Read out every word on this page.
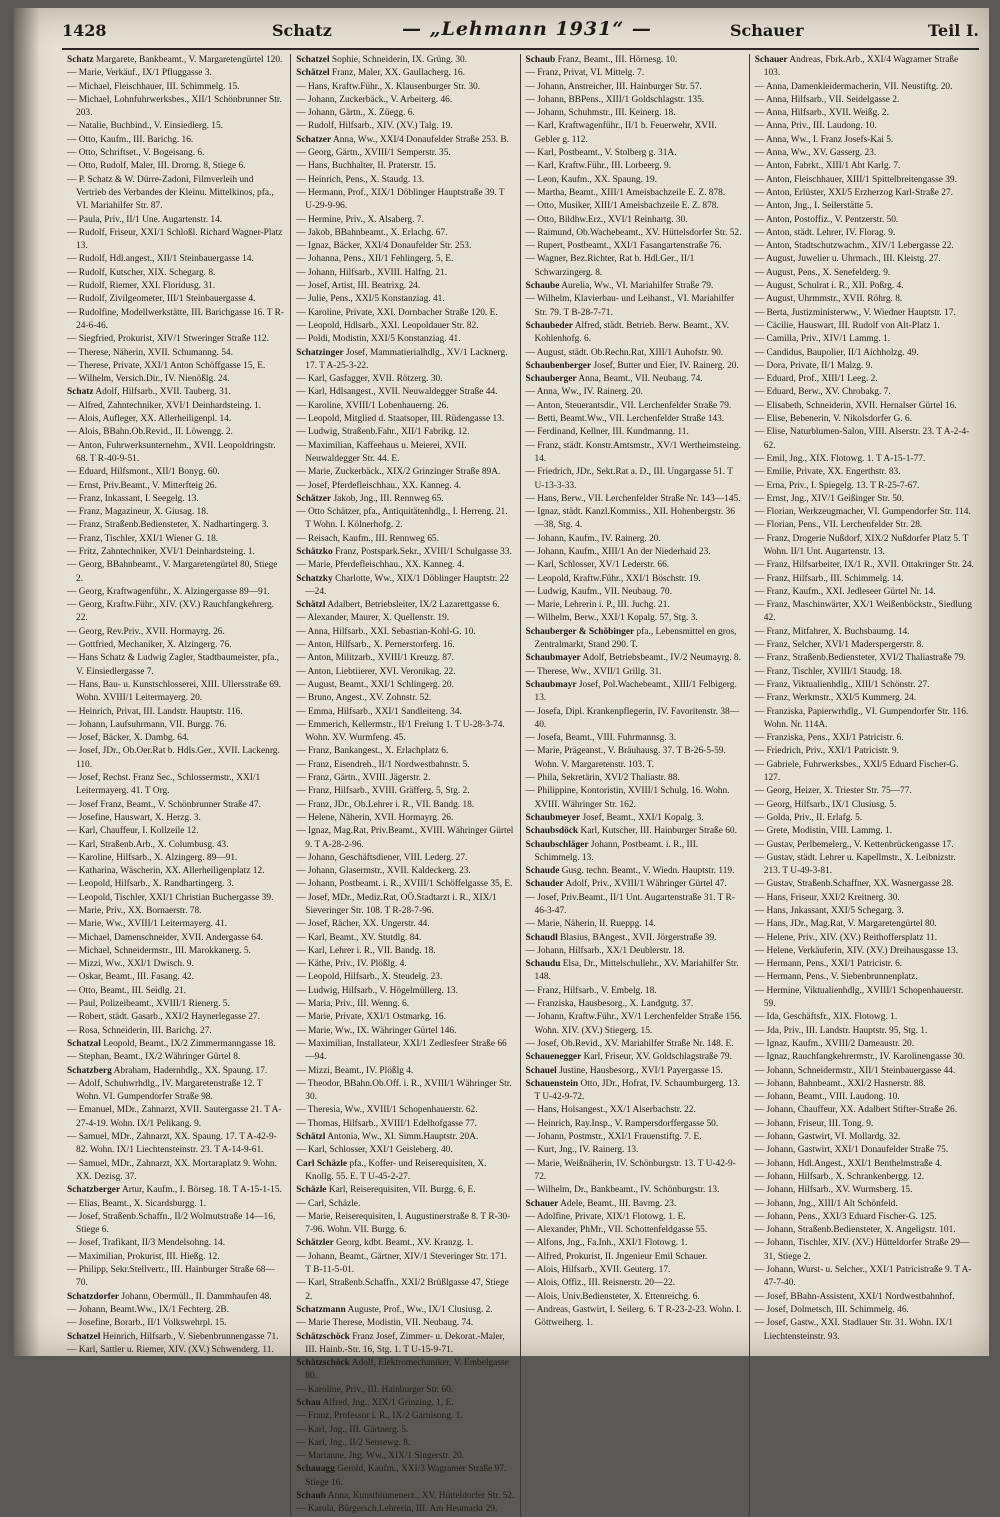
1428	Schatz	— „Lehmann 1931“ —	Schauer	Teil I.

Schatz Margarete, Bankbeamt., V. Margaretengürtel 120.

— Marie, Verkäuf., IX/1 Pfluggasse 3.

— Michael, Fleischhauer, III. Schimmelg. 15.

— Michael, Lohnfuhrwerksbes., XII/1 Schönbrunner Str. 203.

— Natalie, Buchbind., V. Einsiedlerg. 15.

— Otto, Kaufm., III. Barichg. 16.

— Otto, Schriftset., V. Bogeisang. 6.

— Otto, Rudolf, Maler, III. Drorng. 8, Stiege 6.

— P. Schatz & W. Dürre-Zadoni, Filmverleih und Vertrieb des Verbandes der Kleinu. Mittelkinos, pfa., VI. Mariahilfer Str. 87.

— Paula, Priv., II/1 Une. Augartenstr. 14.

— Rudolf, Friseur, XXI/1 Schloßl. Richard Wagner-Platz 13.

— Rudolf, Hdl.angest., XII/1 Steinbauergasse 14.

— Rudolf, Kutscher, XIX. Schegarg. 8.

— Rudolf, Riemer, XXI. Floridusg. 31.

— Rudolf, Zivilgeometer, III/1 Steinbauergasse 4.

— Rudolfine, Modellwerkstätte, III. Barichgasse 16. T R-24-6-46.

— Siegfried, Prokurist, XIV/1 Stweringer Straße 112.

— Therese, Näherin, XVII. Schumanng. 54.

— Therese, Private, XXI/1 Anton Schöffgasse 15, E.

— Wilhelm, Versich.Dir., IV. Nienößlg. 24.

Schatz Adolf, Hilfsarb., XVII. Tauberg. 31.

— Alfred, Zahntechniker, XVI/1 Deinhardsteing. 1.

— Alois, Aufleger, XX. Allerheiligenpl. 14.

— Alois, BBahn.Ob.Revid., II. Löwengg. 2.

— Anton, Fuhrwerksunternehm., XVII. Leopoldringstr. 68. T R-40-9-51.

— Eduard, Hilfsmont., XII/1 Bonyg. 60.

— Ernst, Priv.Beamt., V. Mitterfteig 26.

— Franz, Inkassant, I. Seegelg. 13.

— Franz, Magazineur, X. Giusag. 18.

— Franz, Straßenb.Bediensteter, X. Nadhartingerg. 3.

— Franz, Tischler, XXI/1 Wiener G. 18.

— Fritz, Zahntechniker, XVI/1 Deinhardsteing. 1.

— Georg, BBahnbeamt., V. Margaretengürtel 80, Stiege 2.

— Georg, Kraftwagenführ., X. Alzingergasse 89—91.

— Georg, Kraftw.Führ., XIV. (XV.) Rauchfangkehrerg. 22.

— Georg, Rev.Priv., XVII. Hormayrg. 26.

— Gottfried, Mechaniker, X. Alzingerg. 76.

— Hans Schatz & Ludwig Zagler, Stadtbaumeister, pfa., V. Einsiedlergasse 7.

— Hans, Bau- u. Kunstschlosserei, XIII. Ullersstraße 69. Wohn. XVIII/1 Leitermayerg. 20.

— Heinrich, Privat, III. Landstr. Hauptstr. 116.

— Johann, Laufsuhrmann, VII. Burgg. 76.

— Josef, Bäcker, X. Dambg. 64.

— Josef, JDr., Ob.Oer.Rat b. Hdls.Ger., XVII. Lackenrg. 110.

— Josef, Rechst. Franz Sec., Schlossermstr., XXI/1 Leitermayerg. 41. T Org.

— Josef Franz, Beamt., V. Schönbrunner Straße 47.

— Josefine, Hauswart, X. Herzg. 3.

— Karl, Chauffeur, I. Kollzeile 12.

— Karl, Straßenb.Arb., X. Columbusg. 43.

— Karoline, Hilfsarb., X. Alzingerg. 89—91.

— Katharina, Wäscherin, XX. Allerheiligenplatz 12.

— Leopold, Hilfsarb., X. Randhartingerg. 3.

— Leopold, Tischler, XXI/1 Christian Buchergasse 39.

— Marie, Priv., XX. Bornaerstr. 78.

— Marie, Ww., XVIII/1 Leitermayerg. 41.

— Michael, Damenschneider, XVII. Andergasse 64.

— Michael, Schneidermstr., III. Marokkanerg. 5.

— Mizzi, Ww., XXI/1 Dwisch. 9.

— Oskar, Beamt., III. Fasang. 42.

— Otto, Beamt., III. Seidlg. 21.

— Paul, Polizeibeamt., XVIII/1 Rienerg. 5.

— Robert, städt. Gasarb., XXI/2 Haynerlegasse 27.

— Rosa, Schneiderin, III. Barichg. 27.

Schatzal Leopold, Beamt., IX/2 Zimmermanngasse 18.

— Stephan, Beamt., IX/2 Währinger Gürtel 8.

Schatzberg Abraham, Hadernhdlg., XX. Spaung. 17.

— Adolf, Schuhwrhdlg., IV. Margaretenstraße 12. T Wohn. VI. Gumpendorfer Straße 98.

— Emanuel, MDr., Zahnarzt, XVII. Sautergasse 21. T A-27-4-19. Wohn. IX/1 Pelikang. 9.

— Samuel, MDr., Zahnarzt, XX. Spaung. 17. T A-42-9-82. Wohn. IX/1 Liechtensteinstr. 23. T A-14-9-61.

— Samuel, MDr., Zahnarzt, XX. Mortaraplatz 9. Wohn. XX. Dezisg. 37.

Schatzberger Artur, Kaufm., I. Börseg. 18. T A-15-1-15.

— Elias, Beamt., X. Sicardsburgg. 1.

— Josef, Straßenb.Schaffn., II/2 Wolmutstraße 14—16, Stiege 6.

— Josef, Trafikant, II/3 Mendelsohng. 14.

— Maximilian, Prokurist, III. Hießg. 12.

— Philipp, Sekr.Stellvertr., III. Hainburger Straße 68—70.

Schatzdorfer Johann, Obermüll., II. Dammhaufen 48.

— Johann, Beamt.Ww., IX/1 Fechterg. 2B.

— Josefine, Borarb., II/1 Volkswehrpl. 15.

Schatzel Heinrich, Hilfsarb., V. Siebenbrunnengasse 71.

— Karl, Sattler u. Riemer, XIV. (XV.) Schwenderg. 11.

Schatzel Sophie, Schneiderin, IX. Grüng. 30.

Schätzel Franz, Maler, XX. Gaullacherg. 16.

— Hans, Kraftw.Führ., X. Klausenburger Str. 30.

— Johann, Zuckerbäck., V. Arbeiterg. 46.

— Johann, Gärtn., X. Züegg. 6.

— Rudolf, Hilfsarb., XIV. (XV.) Talg. 19.

Schatzer Anna, Ww., XXI/4 Donaufelder Straße 253. B.

— Georg, Gärtn., XVIII/1 Semperstr. 35.

— Hans, Buchhalter, II. Praterstr. 15.

— Heinrich, Pens., X. Staudg. 13.

— Hermann, Prof., XIX/1 Döblinger Hauptstraße 39. T U-29-9-96.

— Hermine, Priv., X. Alsaberg. 7.

— Jakob, BBahnbeamt., X. Erlachg. 67.

— Ignaz, Bäcker, XXI/4 Donaufelder Str. 253.

— Johanna, Pens., XII/1 Fehlingerg. 5, E.

— Johann, Hilfsarb., XVIII. Halfng. 21.

— Josef, Artist, III. Beatrixg. 24.

— Julie, Pens., XXI/5 Konstanziag. 41.

— Karoline, Private, XXI. Dornbacher Straße 120. E.

— Leopold, Hdlsarb., XXI. Leopoldauer Str. 82.

— Poldi, Modistin, XXI/5 Konstanziag. 41.

Schatzinger Josef, Mammatierialhdlg., XV/1 Lacknerg. 17. T A-25-3-22.

— Karl, Gasfagger, XVII. Rötzerg. 30.

— Karl, Hdlsangest., XVII. Neuwaldegger Straße 44.

— Karoline, XVIII/1 Lobenhauerng. 26.

— Leopold, Mitglied d. Staatsoper, III. Rüdengasse 13.

— Ludwig, Straßenb.Fahr., XII/1 Fabrikg. 12.

— Maximilian, Kaffeehaus u. Meierei, XVII. Neuwaldegger Str. 44. E.

— Marie, Zuckerbäck., XIX/2 Grinzinger Straße 89A.

— Josef, Pferdefleischhau., XX. Kanneg. 4.

Schätzer Jakob, Jng., III. Rennweg 65.

— Otto Schätzer, pfa., Antiquitätenhdlg., I. Herreng. 21. T Wohn. I. Kölnerhofg. 2.

— Reisach, Kaufm., III. Rennweg 65.

Schätzko Franz, Postspark.Sekr., XVIII/1 Schulgasse 33.

— Marie, Pferdefleischhau., XX. Kanneg. 4.

Schatzky Charlotte, Ww., XIX/1 Döblinger Hauptstr. 22—24.

Schätzl Adalbert, Betriebsleiter, IX/2 Lazarettgasse 6.

— Alexander, Maurer, X. Quellenstr. 19.

— Anna, Hilfsarb., XXI. Sebastian-Kohl-G. 10.

— Anton, Hilfsarb., X. Pernerstorferg. 16.

— Anton, Militzarb., XVIII/1 Kreuzg. 87.

— Anton, Liebtiierer, XVI. Veronikag. 22.

— August, Beamt., XXI/1 Schlingerg. 20.

— Bruno, Angest., XV. Zohnstr. 52.

— Emma, Hilfsarb., XXI/1 Sandleiteng. 34.

— Emmerich, Kellermstr., II/1 Freiung 1. T U-28-3-74. Wohn. XV. Wurmfeng. 45.

— Franz, Bankangest., X. Erlachplatz 6.

— Franz, Eisendreh., II/1 Nordwestbahnstr. 5.

— Franz, Gärtn., XVIII. Jägerstr. 2.

— Franz, Hilfsarb., XVIII. Gräfferg. 5, Stg. 2.

— Franz, JDr., Ob.Lehrer i. R., VII. Bandg. 18.

— Helene, Näherin, XVII. Hormayrg. 26.

— Ignaz, Mag.Rat, Priv.Beamt., XVIII. Währinger Gürtel 9. T A-28-2-96.

— Johann, Geschäftsdiener, VIII. Lederg. 27.

— Johann, Glasermstr., XVII. Kaldeckerg. 23.

— Johann, Postbeamt. i. R., XVIII/1 Schöffelgasse 35, E.

— Josef, MDr., Mediz.Rat, OÖ.Stadtarzt i. R., XIX/1 Sieveringer Str. 108. T R-28-7-96.

— Josef, Rächer, XX. Ungerstr. 44.

— Karl, Beamt., XV. Stutdlg. 84.

— Karl, Lehrer i. R., VII. Bandg. 18.

— Käthe, Priv., IV. Plößlg. 4.

— Leopold, Hilfsarb., X. Steudelg. 23.

— Ludwig, Hilfsarb., V. Högelmüllerg. 13.

— Maria, Priv., III. Wenng. 6.

— Marie, Private, XXI/1 Ostmarkg. 16.

— Marie, Ww., IX. Währinger Gürtel 146.

— Maximilian, Installateur, XXI/1 Zedlesfeer Straße 66—94.

— Mizzi, Beamt., IV. Plößlg 4.

— Theodor, BBahn.Ob.Off. i. R., XVIII/1 Währinger Str. 30.

— Theresia, Ww., XVIII/1 Schopenhauerstr. 62.

— Thomas, Hilfsarb., XVIII/1 Edelhofgasse 77.

Schätzl Antonia, Ww., XI. Simm.Hauptstr. 20A.

— Karl, Schlosser, XXI/1 Geisleberg. 40.

Carl Schäzle pfa., Koffer- und Reiserequisiten, X. Knollg. 55. E. T U-45-2-27.

Schäzle Karl, Reiserequisiten, VII. Burgg. 6, E.

— Carl, Schäzle.

— Marie, Reiserequisiten, I. Augustinerstraße 8. T R-30-7-96. Wohn. VII. Burgg. 6.

Schätzler Georg, kdbt. Beamt., XV. Kranzg. 1.

— Johann, Beamt., Gärtner, XIV/1 Steveringer Str. 171. T B-11-5-01.

— Karl, Straßenb.Schaffn., XXI/2 Brüßlgasse 47, Stiege 2.

Schatzmann Auguste, Prof., Ww., IX/1 Clusiusg. 2.

— Marie Therese, Modistin, VII. Neubaug. 74.

Schätzschöck Franz Josef, Zimmer- u. Dekorat.-Maler, III. Hainb.-Str. 16, Stg. 1. T U-15-9-71.

Schätzschöck Adolf, Elektromechaniker, V. Embelgasse 80.

— Karoline, Priv., III. Hainburger Str. 60.

Schau Alfred, Jng., XIX/1 Grinzing. 1, E.

— Franz, Professor i. R., IX/2 Garnisong. 1.

— Karl, Jng., III. Gärtnerg. 5.

— Karl, Jng., II/2 Sensewg. 8.

— Marianne, Jng. Ww., XIX/1 Singerstr. 20.

Schauagg Gerold, Kaufm., XXI/3 Wagramer Straße 97. Stiege 16.

Schaub Anna, Kunstblumenerz., XV. Hütteldorfer Str. 52.

— Karola, Bürgersch.Lehrerin, III. Am Heumarkt 29.

Schaub Franz, Beamt., III. Hörnesg. 10.

— Franz, Privat, VI. Mittelg. 7.

— Johann, Anstreicher, III. Hainburger Str. 57.

— Johann, BBPens., XIII/1 Goldschlagstr. 135.

— Johann, Schuhmstr., III. Keinerg. 18.

— Karl, Kraftwagenführ., II/1 b. Feuerwehr, XVII. Gebler g. 112.

— Karl, Postbeamt., V. Stolberg g. 31A.

— Karl, Kraftw.Führ., III. Lorbeerg. 9.

— Leon, Kaufm., XX. Spaung. 19.

— Martha, Beamt., XIII/1 Ameisbachzeile E. Z. 878.

— Otto, Musiker, XIII/1 Ameisbachzeile E. Z. 878.

— Otto, Bildhw.Erz., XVI/1 Reinhartg. 30.

— Raimund, Ob.Wachebeamt., XV. Hüttelsdorfer Str. 52.

— Rupert, Postbeamt., XXI/1 Fasangartenstraße 76.

— Wagner, Bez.Richter, Rat b. Hdl.Ger., II/1 Schwarzingerg. 8.

Schaube Aurelia, Ww., VI. Mariahilfer Straße 79.

— Wilhelm, Klavierbau- und Leihanst., VI. Mariahilfer Str. 79. T B-28-7-71.

Schaubeder Alfred, städt. Betrieb. Berw. Beamt., XV. Kohlenhofg. 6.

— August, städt. Ob.Rechn.Rat, XIII/1 Auhofstr. 90.

Schaubenberger Josef, Butter und Eier, IV. Rainerg. 20.

Schauberger Anna, Beamt., VII. Neubaug. 74.

— Anna, Ww., IV. Rainerg. 20.

— Anton, Steuerantsdir., VII. Lerchenfelder Straße 79.

— Betti, Beamt.Ww., VII. Lerchenfelder Straße 143.

— Ferdinand, Kellner, III. Kundmanng. 11.

— Franz, städt. Konstr.Amtsmstr., XV/1 Wertheimsteing. 14.

— Friedrich, JDr., Sekt.Rat a. D., III. Ungargasse 51. T U-13-3-33.

— Hans, Berw., VII. Lerchenfelder Straße Nr. 143—145.

— Ignaz, städt. Kanzl.Kommiss., XII. Hohenbergstr. 36—38, Stg. 4.

— Johann, Kaufm., IV. Rainerg. 20.

— Johann, Kaufm., XIII/1 An der Niederhaid 23.

— Karl, Schlosser, XV/1 Lederstr. 66.

— Leopold, Kraftw.Führ., XXI/1 Böschstr. 19.

— Ludwig, Kaufm., VII. Neubaug. 70.

— Marie, Lehrerin i. P., III. Juchg. 21.

— Wilhelm, Berw., XXI/1 Kopalg. 57, Stg. 3.

Schauberger & Schöbinger pfa., Lebensmittel en gros, Zentralmarkt, Stand 290. T.

Schaubmayer Adolf, Betriebsbeamt., IV/2 Neumayrg. 8.

— Therese, Ww., XVII/1 Grillg. 31.

Schaubmayr Josef, Pol.Wachebeamt., XIII/1 Felbigerg. 13.

— Josefa, Dipl. Krankenpflegerin, IV. Favoritenstr. 38—40.

— Josefa, Beamt., VIII. Fuhrmannsg. 3.

— Marie, Prägeanst., V. Bräuhausg. 37. T B-26-5-59. Wohn. V. Margaretenstr. 103. T.

— Phila, Sekretärin, XVI/2 Thaliastr. 88.

— Philippine, Kontoristin, XVIII/1 Schulg. 16. Wohn. XVIII. Währinger Str. 162.

Schaubmeyer Josef, Beamt., XXI/1 Kopalg. 3.

Schaubsdöck Karl, Kutscher, III. Hainburger Straße 60.

Schaubschläger Johann, Postbeamt. i. R., III. Schimmelg. 13.

Schaude Gusg. techn. Beamt., V. Wiedn. Hauptstr. 119.

Schauder Adolf, Priv., XVIII/1 Währinger Gürtel 47.

— Josef, Priv.Beamt., II/1 Unt. Augartenstraße 31. T R-46-3-47.

— Marie, Näherin, II. Rueppg. 14.

Schaudl Blasius, BAngest., XVII. Jörgerstraße 39.

— Johann, Hilfsarb., XX/1 Deublerstr. 18.

Schaudu Elsa, Dr., Mittelschullehr., XV. Mariahilfer Str. 148.

— Franz, Hilfsarb., V. Embelg. 18.

— Franziska, Hausbesorg., X. Landgutg. 37.

— Johann, Kraftw.Führ., XV/1 Lerchenfelder Straße 156. Wohn. XIV. (XV.) Stiegerg. 15.

— Josef, Ob.Revid., XV. Mariahilfer Straße Nr. 148. E.

Schauenegger Karl, Friseur, XV. Goldschlagstraße 79.

Schauel Justine, Hausbesorg., XVI/1 Payergasse 15.

Schauenstein Otto, JDr., Hofrat, IV. Schaumburgerg. 13. T U-42-9-72.

— Hans, Holsangest., XX/1 Alserbachstr. 22.

— Heinrich, Ray.Insp., V. Rampersdorffergasse 50.

— Johann, Postmstr., XXI/1 Frauenstiftg. 7. E.

— Kurt, Jng., IV. Rainerg. 13.

— Marie, Weißnäherin, IV. Schönburgstr. 13. T U-42-9-72.

— Wilhelm, Dr., Bankbeamt., IV. Schönburgstr. 13.

Schauer Adele, Beamt., III. Bavmg. 23.

— Adolfine, Private, XIX/1 Flotowg. 1. E.

— Alexander, PhMr., VII. Schottenfeldgasse 55.

— Alfons, Jng., Fa.Inh., XXI/1 Flotowg. 1.

— Alfred, Prokurist, II. Jngenieur Emil Schauer.

— Alois, Hilfsarb., XVII. Geuterg. 17.

— Alois, Offiz., III. Reisnerstr. 20—22.

— Alois, Univ.Bediensteter, X. Ettenreichg. 6.

— Andreas, Gastwirt, I. Seilerg. 6. T R-23-2-23. Wohn. I. Göttweiherg. 1.

Schauer Andreas, Fbrk.Arb., XXI/4 Wagramer Straße 103.

— Anna, Damenkleidermacherin, VII. Neustiftg. 20.

— Anna, Hilfsarb., VII. Seidelgasse 2.

— Anna, Hilfsarb., XVII. Weißg. 2.

— Anna, Priv., III. Laudong. 10.

— Anna, Ww., I. Franz Josefs-Kai 5.

— Anna, Ww., XV. Gasserg. 23.

— Anton, Fabrkt., XIII/1 Abt Karlg. 7.

— Anton, Fleischhauer, XIII/1 Spittelbreitengasse 39.

— Anton, Erlüster, XXI/5 Erzherzog Karl-Straße 27.

— Anton, Jng., I. Seilerstätte 5.

— Anton, Postoffiz., V. Pentzerstr. 50.

— Anton, städt. Lehrer, IV. Florag. 9.

— Anton, Stadtschutzwachm., XIV/1 Lebergasse 22.

— August, Juwelier u. Uhrmach., III. Kleistg. 27.

— August, Pens., X. Senefelderg. 9.

— August, Schulrat i. R., XII. Poßrg. 4.

— August, Uhrmmstr., XVII. Röhrg. 8.

— Berta, Justizministerww., V. Wiedner Hauptstr. 17.

— Cäcilie, Hauswart, III. Rudolf von Alt-Platz 1.

— Camilla, Priv., XIV/1 Lammg. 1.

— Candidus, Baupolier, II/1 Aichholzg. 49.

— Dora, Private, II/1 Malzg. 9.

— Eduard, Prof., XIII/1 Leeg. 2.

— Eduard, Berw., XV. Chrobakg. 7.

— Elisabeth, Schneiderin, XVII. Hernalser Gürtel 16.

— Elise, Bebenerin, V. Nikolsdorfer G. 6.

— Elise, Naturblumen-Salon, VIII. Alserstr. 23. T A-2-4-62.

— Emil, Jng., XIX. Flotowg. 1. T A-15-1-77.

— Emilie, Private, XX. Engerthstr. 83.

— Erna, Priv., I. Spiegelg. 13. T R-25-7-67.

— Ernst, Jng., XIV/1 Geißinger Str. 50.

— Florian, Werkzeugmacher, VI. Gumpendorfer Str. 114.

— Florian, Pens., VII. Lerchenfelder Str. 28.

— Franz, Drogerie Nußdorf, XIX/2 Nußdorfer Platz 5. T Wohn. II/1 Unt. Augartenstr. 13.

— Franz, Hilfsarbeiter, IX/1 R., XVII. Ottakringer Str. 24.

— Franz, Hilfsarb., III. Schimmelg. 14.

— Franz, Kaufm., XXI. Jedleseer Gürtel Nr. 14.

— Franz, Maschinwärter, XX/1 Weißenböckstr., Siedlung 42.

— Franz, Mitfahrer, X. Buchsbaumg. 14.

— Franz, Selcher, XVI/1 Maderspergerstr. 8.

— Franz, Straßenb.Bediensteter, XVI/2 Thaliastraße 79.

— Franz, Tischler, XVIII/1 Staudg. 18.

— Franz, Viktualienhdlg., XIII/1 Schönstr. 27.

— Franz, Werkmstr., XXI/5 Kummerg. 24.

— Franziska, Papierwrhdlg., VI. Gumpendorfer Str. 116. Wohn. Nr. 114A.

— Franziska, Pens., XXI/1 Patricistr. 6.

— Friedrich, Priv., XXI/1 Patricistr. 9.

— Gabriele, Fuhrwerksbes., XXI/5 Eduard Fischer-G. 127.

— Georg, Heizer, X. Triester Str. 75—77.

— Georg, Hilfsarb., IX/1 Clusiusg. 5.

— Golda, Priv., II. Erlafg. 5.

— Grete, Modistin, VIII. Lammg. 1.

— Gustav, Perlbemelerg., V. Kettenbrückengasse 17.

— Gustav, städt. Lehrer u. Kapellmstr., X. Leibnizstr. 213. T U-49-3-81.

— Gustav, Straßenb.Schaffner, XX. Wasnergasse 28.

— Hans, Friseur, XXI/2 Kreitnerg. 30.

— Hans, Jnkassant, XXI/5 Schegarg. 3.

— Hans, JDr., Mag.Rat, V. Margaretengürtel 80.

— Helene, Priv., XIV. (XV.) Reithoffersplatz 11.

— Helene, Verkäuferin, XIV. (XV.) Dreihausgasse 13.

— Hermann, Pens., XXI/1 Patricistr. 6.

— Hermann, Pens., V. Siebenbrunnenplatz.

— Hermine, Viktualienhdlg., XVIII/1 Schopenhauerstr. 59.

— Ida, Geschäftsfr., XIX. Flotowg. 1.

— Jda, Priv., III. Landstr. Hauptstr. 95, Stg. 1.

— Ignaz, Kaufm., XVIII/2 Dameaustr. 20.

— Ignaz, Rauchfangkehrermstr., IV. Karolinengasse 30.

— Johann, Schneidermstr., XII/1 Steinbauergasse 44.

— Johann, Bahnbeamt., XXI/2 Hasnerstr. 88.

— Johann, Beamt., VIII. Laudong. 10.

— Johann, Chauffeur, XX. Adalbert Stifter-Straße 26.

— Johann, Friseur, III. Tong. 9.

— Johann, Gastwirt, VI. Mollardg. 32.

— Johann, Gastwirt, XXI/1 Donaufelder Straße 75.

— Johann, Hdl.Angest., XXI/1 Benthelmstraße 4.

— Johann, Hilfsarb., X. Schrankenbergg. 12.

— Johann, Hilfsarb., XV. Wurmsberg. 15.

— Johann, Jng., XIII/1 Alt Schönfeld.

— Johann, Pens., XXI/3 Eduard Fischer-G. 125.

— Johann, Straßenb.Bediensteter, X. Angeligstr. 101.

— Johann, Tischler, XIV. (XV.) Hütteldorfer Straße 29—31, Stiege 2.

— Johann, Wurst- u. Selcher., XXI/1 Patricistraße 9. T A-47-7-40.

— Josef, BBahn-Assistent, XXI/1 Nordwestbahnhof.

— Josef, Dolmetsch, III. Schimmelg. 46.

— Josef, Gastw., XXI. Stadlauer Str. 31. Wohn. IX/1 Liechtensteinstr. 93.
